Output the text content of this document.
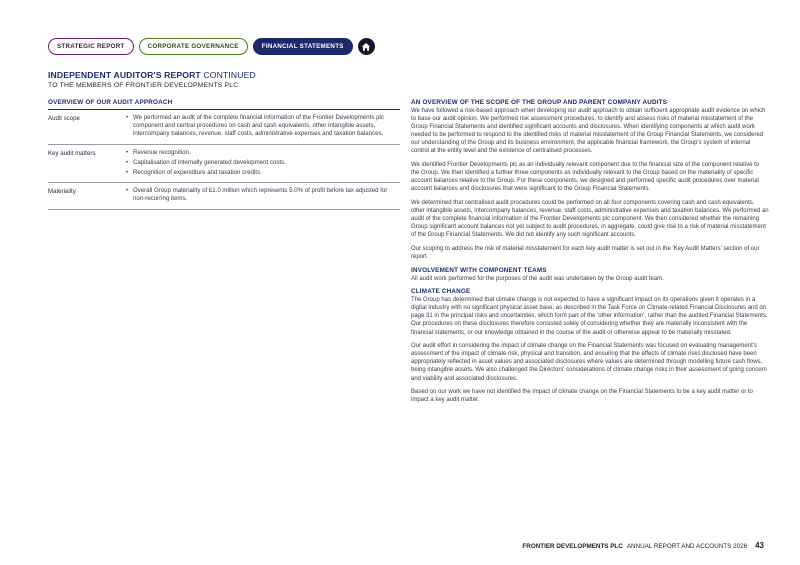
STRATEGIC REPORT	CORPORATE GOVERNANCE	FINANCIAL STATEMENTS
INDEPENDENT AUDITOR'S REPORT CONTINUED
TO THE MEMBERS OF FRONTIER DEVELOPMENTS PLC
OVERVIEW OF OUR AUDIT APPROACH
Audit scope	• We performed an audit of the complete financial information of the Frontier Developments plc component and central procedures on cash and cash equivalents, other intangible assets, intercompany balances, revenue, staff costs, administrative expenses and taxation balances.
Key audit matters	• Revenue recognition.
• Capitalisation of internally generated development costs.
• Recognition of expenditure and taxation credits.
Materiality	• Overall Group materiality of £1.0 million which represents 5.0% of profit before tax adjusted for non-recurring items.
AN OVERVIEW OF THE SCOPE OF THE GROUP AND PARENT COMPANY AUDITS

We have followed a risk-based approach when developing our audit approach to obtain sufficient appropriate audit evidence on which to base our audit opinion. We performed risk assessment procedures, to identify and assess risks of material misstatement of the Group Financial Statements and identified significant accounts and disclosures. When identifying components at which audit work needed to be performed to respond to the identified risks of material misstatement of the Group Financial Statements, we considered our understanding of the Group and its business environment, the applicable financial framework, the Group's system of internal control at the entity level and the existence of centralised processes.

We identified Frontier Developments plc as an individually relevant component due to the financial size of the component relative to the Group. We then identified a further three components as individually relevant to the Group based on the materiality of specific account balances relative to the Group. For these components, we designed and performed specific audit procedures over material account balances and disclosures that were significant to the Group Financial Statements.

We determined that centralised audit procedures could be performed on all four components covering cash and cash equivalents, other intangible assets, intercompany balances, revenue, staff costs, administrative expenses and taxation balances. We performed an audit of the complete financial information of the Frontier Developments plc component. We then considered whether the remaining Group significant account balances not yet subject to audit procedures, in aggregate, could give rise to a risk of material misstatement of the Group Financial Statements. We did not identify any such significant accounts.

Our scoping to address the risk of material misstatement for each key audit matter is set out in the 'Key Audit Matters' section of our report.

INVOLVEMENT WITH COMPONENT TEAMS

All audit work performed for the purposes of the audit was undertaken by the Group audit team.

CLIMATE CHANGE

The Group has determined that climate change is not expected to have a significant impact on its operations given it operates in a digital industry with no significant physical asset base, as described in the Task Force on Climate-related Financial Disclosures and on page 31 in the principal risks and uncertainties, which form part of the 'other information', rather than the audited Financial Statements. Our procedures on these disclosures therefore consisted solely of considering whether they are materially inconsistent with the financial statements, or our knowledge obtained in the course of the audit or otherwise appear to be materially misstated.

Our audit effort in considering the impact of climate change on the Financial Statements was focused on evaluating management's assessment of the impact of climate risk, physical and transition, and ensuring that the effects of climate risks disclosed have been appropriately reflected in asset values and associated disclosures where values are determined through modelling future cash flows, being intangible assets. We also challenged the Directors' considerations of climate change risks in their assessment of going concern and viability and associated disclosures.

Based on our work we have not identified the impact of climate change on the Financial Statements to be a key audit matter or to impact a key audit matter.

FRONTIER DEVELOPMENTS PLC ANNUAL REPORT AND ACCOUNTS 2026 43
